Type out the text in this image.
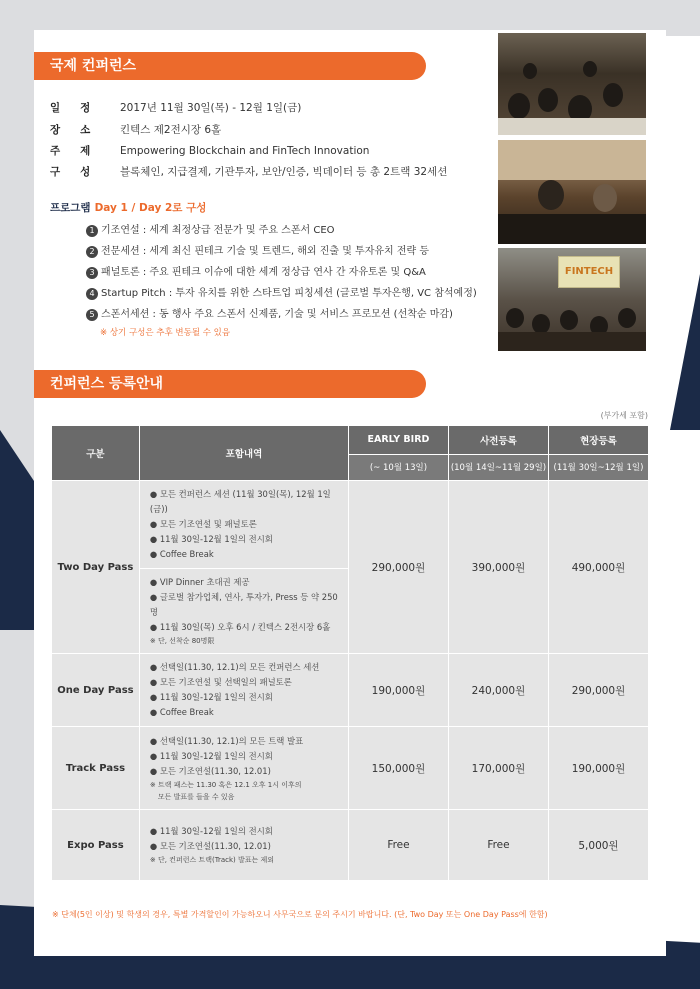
국제 컨퍼런스
일정 2017년 11월 30일(목) - 12월 1일(금)
장소 킨텍스 제2전시장 6홀
주제 Empowering Blockchain and FinTech Innovation
구성 블록체인, 지급결제, 기관투자, 보안/인증, 빅데이터 등 총 2트랙 32세션
프로그램 Day 1 / Day 2로 구성
1 기조연설 : 세계 최정상급 전문가 및 주요 스폰서 CEO
2 전문세션 : 세계 최신 핀테크 기술 및 트렌드, 해외 진출 및 투자유치 전략 등
3 패널토론 : 주요 핀테크 이슈에 대한 세계 정상급 연사 간 자유토론 및 Q&A
4 Startup Pitch : 투자 유치를 위한 스타트업 피칭세션 (글로벌 투자은행, VC 참석예정)
5 스폰서세션 : 동 행사 주요 스폰서 신제품, 기술 및 서비스 프로모션 (선착순 마감)
※ 상기 구성은 추후 변동될 수 있음
FINTECH
컨퍼런스 등록안내
(부가세 포함)
구분	포함내역	EARLY BIRD	사전등록	현장등록
		(~ 10월 13일)	(10월 14일~11월 29일)	(11월 30일~12월 1일)
Two Day Pass	● 모든 컨퍼런스 세션 (11월 30일(목), 12월 1일(금))
● 모든 기조연설 및 패널토론
● 11월 30일-12월 1일의 전시회
● Coffee Break	290,000원	390,000원	490,000원

	● VIP Dinner 초대권 제공
● 글로벌 참가업체, 연사, 투자가, Press 등 약 250명
● 11월 30일(목) 오후 6시 / 킨텍스 2전시장 6홀
※ 단, 선착순 80명限			

One Day Pass	● 선택일(11.30, 12.1)의 모든 컨퍼런스 세션
● 모든 기조연설 및 선택일의 패널토론
● 11월 30일-12월 1일의 전시회
● Coffee Break	190,000원	240,000원	290,000원
Track Pass	● 선택일(11.30, 12.1)의 모든 트랙 발표
● 11월 30일-12월 1일의 전시회
● 모든 기조연설(11.30, 12.01)
※ 트랙 패스는 11.30 혹은 12.1 오후 1시 이후의
모든 발표를 들을 수 있음	150,000원	170,000원	190,000원
Expo Pass	● 11월 30일-12월 1일의 전시회
● 모든 기조연설(11.30, 12.01)
※ 단, 컨퍼런스 트랙(Track) 발표는 제외	Free	Free	5,000원
※ 단체(5인 이상) 및 학생의 경우, 특별 가격할인이 가능하오니 사무국으로 문의 주시기 바랍니다. (단, Two Day 또는 One Day Pass에 한함)
